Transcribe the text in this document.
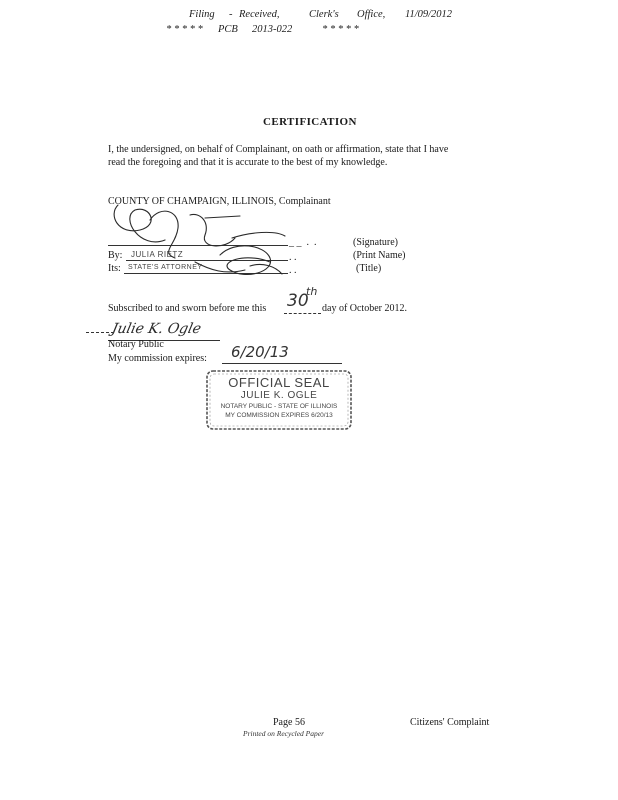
Filing - Received,	Clerk's Office, 11/09/2012
* * * * * PCB 2013-022	* * * * *
CERTIFICATION
I, the undersigned, on behalf of Complainant, on oath or affirmation, state that I have
read the foregoing and that it is accurate to the best of my knowledge.
COUNTY OF CHAMPAIGN, ILLINOIS, Complainant
_ _  .  .	(Signature)
By: JULIA RIETZ	. .	(Print Name)
Its: STATE'S ATTORNEY	. .	(Title)
Subscribed to and sworn before me this 30
th
day of October 2012.
Julie K. Ogle
Notary Public
My commission expires: 6/20/13
OFFICIAL SEAL
JULIE K. OGLE
NOTARY PUBLIC - STATE OF ILLINOIS
MY COMMISSION EXPIRES 6/20/13
Page 56
Printed on Recycled Paper
Citizens' Complaint
